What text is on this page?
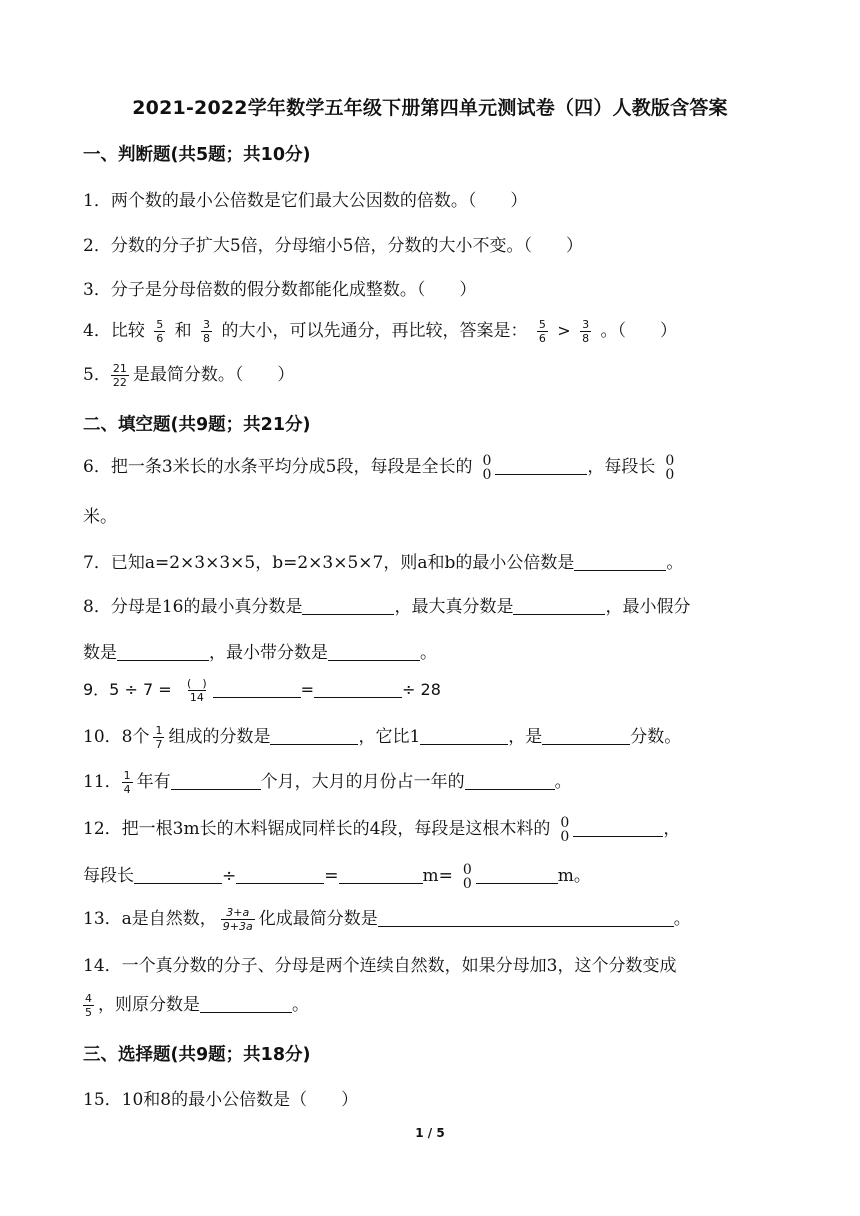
2021-2022学年数学五年级下册第四单元测试卷（四）人教版含答案
一、判断题(共5题；共10分)
1．两个数的最小公倍数是它们最大公因数的倍数。（　　）
2．分数的分子扩大5倍，分母缩小5倍，分数的大小不变。（　　）
3．分子是分母倍数的假分数都能化成整数。（　　）
4．比较 $\frac{5}{6}$ 和 $\frac{3}{8}$ 的大小，可以先通分，再比较，答案是： $\frac{5}{6} > \frac{3}{8}$ 。（　　）
5． $\frac{21}{22}$ 是最简分数。（　　）
二、填空题(共9题；共21分)
6．把一条3米长的水条平均分成5段，每段是全长的 0
0	，每段长 0
0
米。
7．已知a=2×3×3×5，b=2×3×5×7，则a和b的最小公倍数是	。
8．分母是16的最小真分数是	，最大真分数是	，最小假分
数是	，最小带分数是	。
9．$5 \div 7 = \frac{( )}{14}$	=	÷ 28
10．8个 $\frac{1}{7}$ 组成的分数是	，它比1	，是	分数。
11． $\frac{1}{4}$ 年有	个月，大月的月份占一年的	。
12．把一根3m长的木料锯成同样长的4段，每段是这根木料的 0
0	，
每段长	÷	=	m= 0
0	m。
13．a是自然数， $\frac{3+a}{9+3a}$ 化成最简分数是	。
14．一个真分数的分子、分母是两个连续自然数，如果分母加3，这个分数变成
$\frac{4}{5}$ ，则原分数是	。
三、选择题(共9题；共18分)
15．10和8的最小公倍数是（　　）
1 / 5
